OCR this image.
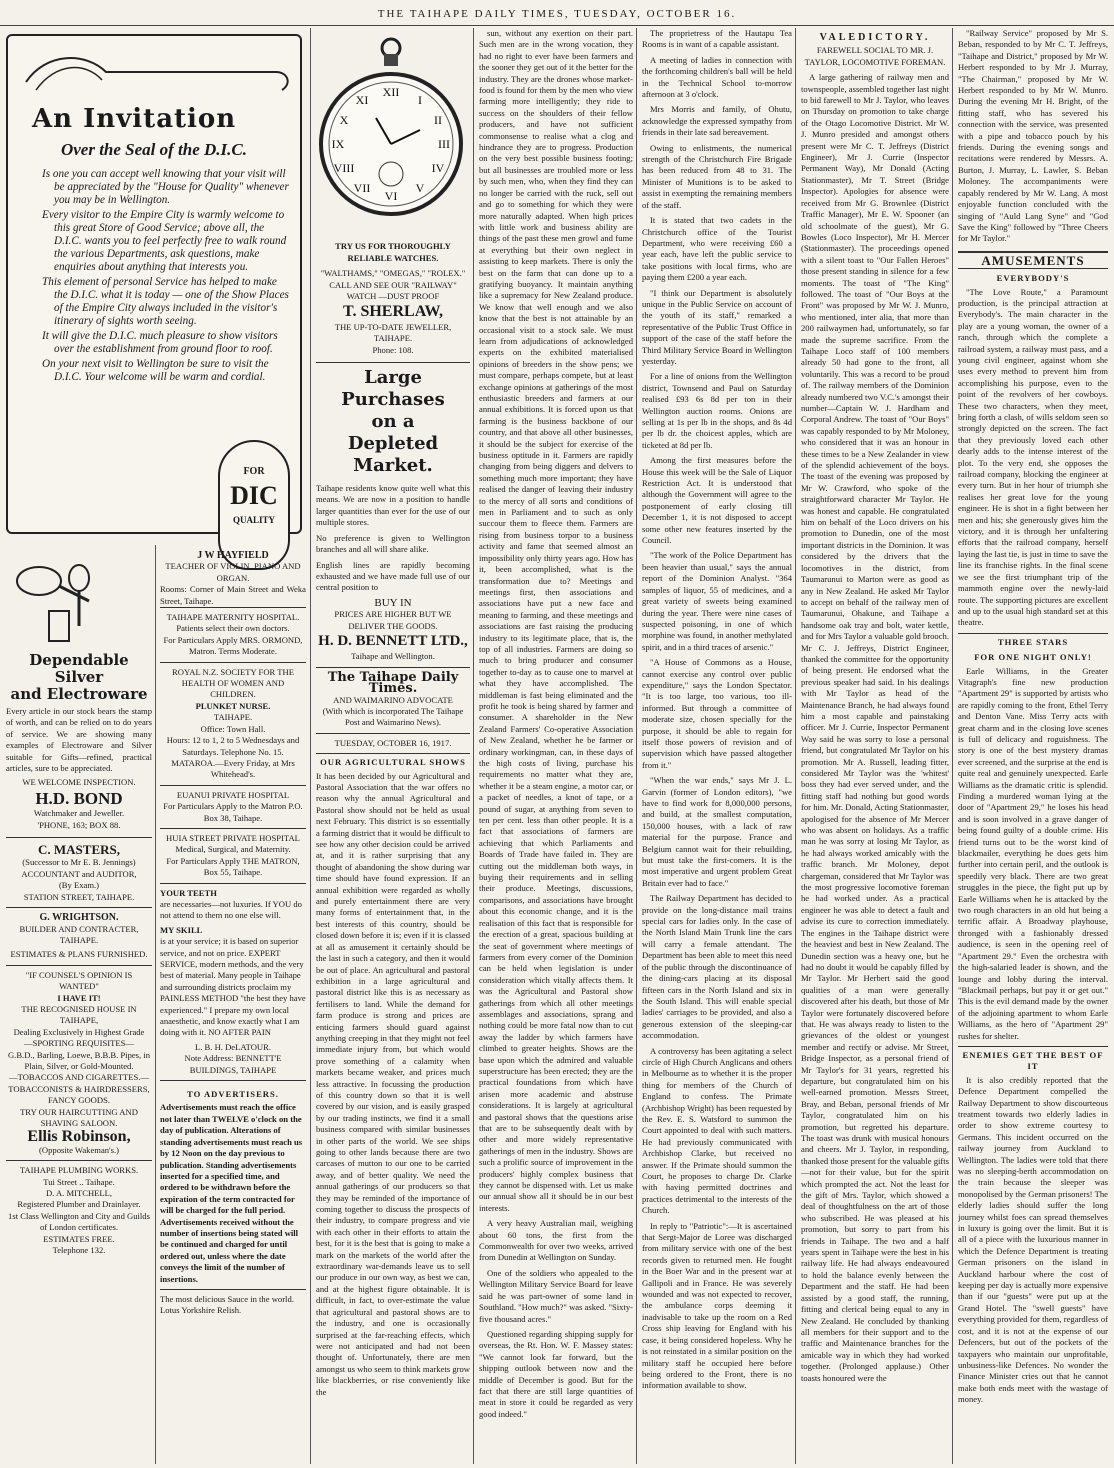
THE TAIHAPE DAILY TIMES, TUESDAY, OCTOBER 16.
An Invitation
Over the Seal of the D.I.C.

Is one you can accept well knowing that your visit will be appreciated by the "House for Quality" whenever you may be in Wellington.

Every visitor to the Empire City is warmly welcome to this great Store of Good Service; above all, the D.I.C. wants you to feel perfectly free to walk round the various Departments, ask questions, make enquiries about anything that interests you.

This element of personal Service has helped to make the D.I.C. what it is today — one of the Show Places of the Empire City always included in the visitor's itinerary of sights worth seeing.

It will give the D.I.C. much pleasure to show visitors over the establishment from ground floor to roof.

On your next visit to Wellington be sure to visit the D.I.C. Your welcome will be warm and cordial.

FOR
DIC
QUALITY
Dependable Silver
and Electroware
Every article in our stock bears the stamp of worth, and can be relied on to do years of service. We are showing many examples of Electroware and Silver suitable for Gifts—refined, practical articles, sure to be appreciated.
WE WELCOME INSPECTION.
H.D. BOND
Watchmaker and Jeweller.
'PHONE, 163; BOX 88.
C. MASTERS,
(Successor to Mr E. B. Jennings)
ACCOUNTANT and AUDITOR,
(By Exam.)
STATION STREET, TAIHAPE.
G. WRIGHTSON.
BUILDER AND CONTRACTER, TAIHAPE.
ESTIMATES & PLANS FURNISHED.
"IF COUNSEL'S OPINION IS WANTED"
I HAVE IT!
THE RECOGNISED HOUSE IN TAIHAPE,
Dealing Exclusively in Highest Grade
—SPORTING REQUISITES—
G.B.D., Barling, Loewe, B.B.B. Pipes, in Plain, Silver, or Gold-Mounted.
—TOBACCOS AND CIGARETTES.—
TOBACCONISTS & HAIRDRESSERS, FANCY GOODS.
TRY OUR HAIRCUTTING AND SHAVING SALOON.
Ellis Robinson,
(Opposite Wakeman's.)
TAIHAPE PLUMBING WORKS.
Tui Street .. Taihape.
D. A. MITCHELL,
Registered Plumber and Drainlayer.
1st Class Wellington and City and Guilds of London certificates.
ESTIMATES FREE.
Telephone 132.
J W HAYFIELD
TEACHER OF VIOLIN, PIANO AND ORGAN.
Rooms: Corner of Main Street and Weka Street, Taihape.
TAIHAPE MATERNITY HOSPITAL.
Patients select their own doctors.
For Particulars Apply MRS. ORMOND,
Matron. Terms Moderate.
ROYAL N.Z. SOCIETY FOR THE HEALTH OF WOMEN AND CHILDREN.
PLUNKET NURSE.
TAIHAPE.
Office: Town Hall.
Hours: 12 to 1, 2 to 5 Wednesdays and Saturdays. Telephone No. 15.
MATAROA.—Every Friday, at Mrs Whitehead's.
EUANUI PRIVATE HOSPITAL
For Particulars Apply to the Matron P.O. Box 38, Taihape.
HUIA STREET PRIVATE HOSPITAL
Medical, Surgical, and Maternity.
For Particulars Apply THE MATRON, Box 55, Taihape.
YOUR TEETH
are necessaries—not luxuries. If YOU do not attend to them no one else will.
MY SKILL
is at your service; it is based on superior service, and not on price. EXPERT SERVICE, modern methods, and the very best of material. Many people in Taihape and surrounding districts proclaim my PAINLESS METHOD "the best they have experienced." I prepare my own local anaesthetic, and know exactly what I am doing with it. NO AFTER PAIN
L. B. H. DeLATOUR.
Note Address: BENNETT'E BUILDINGS, TAIHAPE
TO ADVERTISERS.
Advertisements must reach the office not later than TWELVE o'clock on the day of publication. Alterations of standing advertisements must reach us by 12 Noon on the day previous to publication. Standing advertisements inserted for a specified time, and ordered to be withdrawn before the expiration of the term contracted for will be charged for the full period. Advertisements received without the number of insertions being stated will be continued and charged for until ordered out, unless where the date conveys the limit of the number of insertions.
The most delicious Sauce in the world. Lotus Yorkshire Relish.
XII
I
II
III
IV
V
VI
VII
VIII
IX
X
XI
TRY US FOR THOROUGHLY RELIABLE WATCHES.
"WALTHAMS," "OMEGAS," "ROLEX." CALL AND SEE OUR "RAILWAY" WATCH —DUST PROOF
T. SHERLAW,
THE UP-TO-DATE JEWELLER, TAIHAPE.
Phone: 108.
Large Purchases
on a
Depleted Market.
Taihape residents know quite well what this means. We are now in a position to handle larger quantities than ever for the use of our multiple stores.
No preference is given to Wellington branches and all will share alike.
English lines are rapidly becoming exhausted and we have made full use of our central position to
BUY IN
PRICES ARE HIGHER BUT WE DELIVER THE GOODS.
H. D. BENNETT LTD.,
Taihape and Wellington.
The Taihape Daily Times.
AND WAIMARINO ADVOCATE
(With which is incorporated The Taihape Post and Waimarino News).
TUESDAY, OCTOBER 16, 1917.
OUR AGRICULTURAL SHOWS
It has been decided by our Agricultural and Pastoral Association that the war offers no reason why the annual Agricultural and Pastoral show should not be held as usual next February. This district is so essentially a farming district that it would be difficult to see how any other decision could be arrived at, and it is rather surprising that any thought of abandoning the show during war time should have found expression. If an annual exhibition were regarded as wholly and purely entertainment there are very many forms of entertainment that, in the best interests of this country, should be closed down before it is; even if it is classed at all as amusement it certainly should be the last in such a category, and then it would be out of place. An agricultural and pastoral exhibition in a large agricultural and pastoral district like this is as necessary as fertilisers to land. While the demand for farm produce is strong and prices are enticing farmers should guard against anything creeping in that they might not feel immediate injury from, but which would prove something of a calamity when markets became weaker, and prices much less attractive. In focussing the production of this country down so that it is well covered by our vision, and is easily grasped by our trading instincts, we find it a small business compared with similar businesses in other parts of the world. We see ships going to other lands because there are two carcases of mutton to our one to be carried away, and of better quality. We need the annual gatherings of our producers so that they may be reminded of the importance of coming together to discuss the prospects of their industry, to compare progress and vie with each other in their efforts to attain the best, for it is the best that is going to make a mark on the markets of the world after the extraordinary war-demands leave us to sell our produce in our own way, as best we can, and at the highest figure obtainable. It is difficult, in fact, to over-estimate the value that agricultural and pastoral shows are to the industry, and one is occasionally surprised at the far-reaching effects, which were not anticipated and had not been thought of. Unfortunately, there are men amongst us who seem to think markets grow like blackberries, or rise conveniently like the

sun, without any exertion on their part. Such men are in the wrong vocation, they had no right to ever have been farmers and the sooner they get out of it the better for the industry. They are the drones whose market-food is found for them by the men who view farming more intelligently; they ride to success on the shoulders of their fellow producers, and have not sufficient commonsense to realise what a clog and hindrance they are to progress. Production on the very best possible business footing; but all businesses are troubled more or less by such men, who, when they find they can no longer be carried with the ruck, sell out and go to something for which they were more naturally adapted. When high prices with little work and business ability are things of the past these men growl and fume at everything but their own neglect in assisting to keep markets. There is only the best on the farm that can done up to a gratifying buoyancy. It maintain anything like a supremacy for New Zealand produce. We know that well enough and we also know that the best is not attainable by an occasional visit to a stock sale. We must learn from adjudications of acknowledged experts on the exhibited materialised opinions of breeders in the show pens; we must compare, perhaps compete, but at least exchange opinions at gatherings of the most enthusiastic breeders and farmers at our annual exhibitions. It is forced upon us that farming is the business backbone of our country, and that above all other businesses, it should be the subject for exercise of the business optitude in it. Farmers are rapidly changing from being diggers and delvers to something much more important; they have realised the danger of leaving their industry to the mercy of all sorts and conditions of men in Parliament and to such as only succour them to fleece them. Farmers are rising from business torpor to a business activity and fame that seemed almost an impossibility only thirty years ago. How has it, been accomplished, what is the transformation due to? Meetings and meetings first, then associations and associations have put a new face and meaning to farming, and these meetings and associations are fast raising the producing industry to its legitimate place, that is, the top of all industries. Farmers are doing so much to bring producer and consumer together to-day as to cause one to marvel at what they have accomplished. The middleman is fast being eliminated and the profit he took is being shared by farmer and consumer. A shareholder in the New Zealand Farmers' Co-operative Association of New Zealand, whether he be farmer or ordinary workingman, can, in these days of the high costs of living, purchase his requirements no matter what they are, whether it be a steam engine, a motor car, or a packet of needles, a knot of tape, or a pound of sugar, at anything from seven to ten per cent. less than other people. It is a fact that associations of farmers are achieving that which Parliaments and Boards of Trade have failed in. They are cutting out the middleman both ways, in buying their requirements and in selling their produce. Meetings, discussions, comparisons, and associations have brought about this economic change, and it is the realisation of this fact that is responsible for the erection of a great, spacious building at the seat of government where meetings of farmers from every corner of the Dominion can be held when legislation is under consideration which vitally affects them. It was the Agricultural and Pastoral show gatherings from which all other meetings assemblages and associations, sprang and nothing could be more fatal now than to cut away the ladder by which farmers have climbed to greater heights. Shows are the base upon which the admired and valuable superstructure has been erected; they are the practical foundations from which have arisen more academic and abstruse considerations. It is largely at agricultural and pastoral shows that the questions arise that are to be subsequently dealt with by other and more widely representative gatherings of men in the industry. Shows are such a prolific source of improvement in the producers' highly complex business that they cannot be dispensed with. Let us make our annual show all it should be in our best interests.

A very heavy Australian mail, weighing about 60 tons, the first from the Commonwealth for over two weeks, arrived from Dunedin at Wellington on Sunday.

One of the soldiers who appealed to the Wellington Military Service Board for leave said he was part-owner of some land in Southland. "How much?" was asked. "Sixty-five thousand acres."

Questioned regarding shipping supply for overseas, the Rt. Hon. W. F. Massey states: "We cannot look far forward, but the shipping outlook between now and the middle of December is good. But for the fact that there are still large quantities of meat in store it could be regarded as very good indeed."

The proprietress of the Hautapu Tea Rooms is in want of a capable assistant.

A meeting of ladies in connection with the forthcoming children's ball will be held in the Technical School to-morrow afternoon at 3 o'clock.

Mrs Morris and family, of Ohutu, acknowledge the expressed sympathy from friends in their late sad bereavement.

Owing to enlistments, the numerical strength of the Christchurch Fire Brigade has been reduced from 48 to 31. The Minister of Munitions is to be asked to assist in exempting the remaining members of the staff.

It is stated that two cadets in the Christchurch office of the Tourist Department, who were receiving £60 a year each, have left the public service to take positions with local firms, who are paying them £200 a year each.

"I think our Department is absolutely unique in the Public Service on account of the youth of its staff," remarked a representative of the Public Trust Office in support of the case of the staff before the Third Military Service Board in Wellington yesterday.

For a line of onions from the Wellington district, Townsend and Paul on Saturday realised £93 6s 8d per ton in their Wellington auction rooms. Onions are selling at 1s per lb in the shops, and 8s 4d per lb dr. the choicest apples, which are ticketed at 8d per lb.

Among the first measures before the House this week will be the Sale of Liquor Restriction Act. It is understood that although the Government will agree to the postponement of early closing till December 1, it is not disposed to accept some other new features inserted by the Council.

"The work of the Police Department has been heavier than usual," says the annual report of the Dominion Analyst. "364 samples of liquor, 55 of medicines, and a great variety of sweets being examined during the year. There were nine cases of suspected poisoning, in one of which morphine was found, in another methylated spirit, and in a third traces of arsenic."

"A House of Commons as a House, cannot exercise any control over public expenditure," says the London Spectator. "It is too large, too various, too ill-informed. But through a committee of moderate size, chosen specially for the purpose, it should be able to regain for itself those powers of revision and of supervision which have passed altogether from it."

"When the war ends," says Mr J. L. Garvin (former of London editors), "we have to find work for 8,000,000 persons, and build, at the smallest computation, 150,000 houses, with a lack of raw material for the purpose. France and Belgium cannot wait for their rebuilding, but must take the first-comers. It is the most imperative and urgent problem Great Britain ever had to face."

The Railway Department has decided to provide on the long-distance mail trains special cars for ladies only. In the case of the North Island Main Trunk line the cars will carry a female attendant. The Department has been able to meet this need of the public through the discontinuance of the dining-cars placing at its disposal fifteen cars in the North Island and six in the South Island. This will enable special ladies' carriages to be provided, and also a generous extension of the sleeping-car accommodation.

A controversy has been agitating a select circle of High Church Anglicans and others in Melbourne as to whether it is the proper thing for members of the Church of England to confess. The Primate (Archbishop Wright) has been requested by the Rev. E. S. Watsford to summon the Court appointed to deal with such matters. He had previously communicated with Archbishop Clarke, but received no answer. If the Primate should summon the Court, he proposes to charge Dr. Clarke with having permitted doctrines and practices detrimental to the interests of the Church.

In reply to "Patriotic":—It is ascertained that Sergt-Major de Loree was discharged from military service with one of the best records given to returned men. He fought in the Boer War and in the present war at Gallipoli and in France. He was severely wounded and was not expected to recover, the ambulance corps deeming it inadvisable to take up the room on a Red Cross ship leaving for England with his case, it being considered hopeless. Why he is not reinstated in a similar position on the military staff he occupied here before being ordered to the Front, there is no information available to show.

VALEDICTORY.
FAREWELL SOCIAL TO MR. J. TAYLOR, LOCOMOTIVE FOREMAN.

A large gathering of railway men and townspeople, assembled together last night to bid farewell to Mr J. Taylor, who leaves on Thursday on promotion to take charge of the Otago Locomotive District. Mr W. J. Munro presided and amongst others present were Mr C. T. Jeffreys (District Engineer), Mr J. Currie (Inspector Permanent Way), Mr Donald (Acting Stationmaster), Mr T. Street (Bridge Inspector). Apologies for absence were received from Mr G. Brownlee (District Traffic Manager), Mr E. W. Spooner (an old schoolmate of the guest), Mr G. Bowles (Loco Inspector), Mr H. Mercer (Stationmaster). The proceedings opened with a silent toast to "Our Fallen Heroes" those present standing in silence for a few moments. The toast of "The King" followed. The toast of "Our Boys at the Front" was proposed by Mr W. J. Munro, who mentioned, inter alia, that more than 200 railwaymen had, unfortunately, so far made the supreme sacrifice. From the Taihape Loco staff of 100 members already 50 had gone to the front, all voluntarily. This was a record to be proud of. The railway members of the Dominion already numbered two V.C.'s amongst their number—Captain W. J. Hardham and Corporal Andrew. The toast of "Our Boys" was capably responded to by Mr Moloney, who considered that it was an honour in these times to be a New Zealander in view of the splendid achievement of the boys. The toast of the evening was proposed by Mr W. Crawford, who spoke of the straightforward character Mr Taylor. He was honest and capable. He congratulated him on behalf of the Loco drivers on his promotion to Dunedin, one of the most important districts in the Dominion. It was considered by the drivers that the locomotives in the district, from Taumarunui to Marton were as good as any in New Zealand. He asked Mr Taylor to accept on behalf of the railway men of Taumarunui, Ohakune, and Taihape a handsome oak tray and bolt, water kettle, and for Mrs Taylor a valuable gold brooch. Mr C. J. Jeffreys, District Engineer, thanked the committee for the opportunity of being present. He endorsed what the previous speaker had said. In his dealings with Mr Taylor as head of the Maintenance Branch, he had always found him a most capable and painstaking officer. Mr J. Currie, Inspector Permanent Way said he was sorry to lose a personal friend, but congratulated Mr Taylor on his promotion. Mr A. Russell, leading fitter, considered Mr Taylor was the 'whitest' boss they had ever served under, and the fitting staff had nothing but good words for him. Mr. Donald, Acting Stationmaster, apologised for the absence of Mr Mercer who was absent on holidays. As a traffic man he was sorry at losing Mr Taylor, as he had always worked amicably with the traffic branch. Mr Moloney, depot chargeman, considered that Mr Taylor was the most progressive locomotive foreman he had worked under. As a practical engineer he was able to detect a fault and advise its cure to correction immediately. The engines in the Taihape district were the heaviest and best in New Zealand. The Dunedin section was a heavy one, but he had no doubt it would be capably filled by Mr Taylor. Mr Herbert said the good qualities of a man were generally discovered after his death, but those of Mr Taylor were fortunately discovered before that. He was always ready to listen to the grievances of the oldest or youngest member and rectify or advise. Mr Street, Bridge Inspector, as a personal friend of Mr Taylor's for 31 years, regretted his departure, but congratulated him on his well-earned promotion. Messrs Street, Bray, and Beban, personal friends of Mr Taylor, congratulated him on his promotion, but regretted his departure. The toast was drunk with musical honours and cheers. Mr J. Taylor, in responding, thanked those present for the valuable gifts —not for their value, but for the spirit which prompted the act. Not the least for the gift of Mrs. Taylor, which showed a deal of thoughtfulness on the art of those who subscribed. He was pleased at his promotion, but sorry to part from his friends in Taihape. The two and a half years spent in Taihape were the best in his railway life. He had always endeavoured to hold the balance evenly between the Department and the staff. He had been assisted by a good staff, the running, fitting and clerical being equal to any in New Zealand. He concluded by thanking all members for their support and to the traffic and Maintenance branches for the amicable way in which they had worked together. (Prolonged applause.) Other toasts honoured were the

"Railway Service" proposed by Mr S. Beban, responded to by Mr C. T. Jeffreys, "Taihape and District," proposed by Mr W. Herbert responded to by Mr J. Murray, "The Chairman," proposed by Mr W. Herbert responded to by Mr W. Munro. During the evening Mr H. Bright, of the fitting staff, who has severed his connection with the service, was presented with a pipe and tobacco pouch by his friends. During the evening songs and recitations were rendered by Messrs. A. Burton, J. Murray, L. Lawler, S. Beban Moloney. The accompaniments were capably rendered by Mr W. Lang. A most enjoyable function concluded with the singing of "Auld Lang Syne" and "God Save the King" followed by "Three Cheers for Mr Taylor."

AMUSEMENTS
EVERYBODY'S

"The Love Route," a Paramount production, is the principal attraction at Everybody's. The main character in the play are a young woman, the owner of a ranch, through which the complete a railroad system, a railway must pass, and a young civil engineer, against whom she uses every method to prevent him from accomplishing his purpose, even to the point of the revolvers of her cowboys. These two characters, when they meet, bring forth a clash, of wills seldom seen so strongly depicted on the screen. The fact that they previously loved each other dearly adds to the intense interest of the plot. To the very end, she opposes the railroad company, blocking the engineer at every turn. But in her hour of triumph she realises her great love for the young engineer. He is shot in a fight between her men and his; she generously gives him the victory, and it is through her unfaltering efforts that the railroad company, herself laying the last tie, is just in time to save the line its franchise rights. In the final scene we see the first triumphant trip of the mammoth engine over the newly-laid route. The supporting pictures are excellent and up to the usual high standard set at this theatre.

THREE STARS
FOR ONE NIGHT ONLY!

Earle Williams, in the Greater Vitagraph's fine new production "Apartment 29" is supported by artists who are rapidly coming to the front, Ethel Terry and Denton Vane. Miss Terry acts with great charm and in the closing love scenes is full of delicacy and roguishness. The story is one of the best mystery dramas ever screened, and the surprise at the end is quite real and genuinely unexpected. Earle Williams as the dramatic critic is splendid. Finding a murdered woman lying at the door of "Apartment 29," he loses his head and is soon involved in a grave danger of being found guilty of a double crime. His friend turns out to be the worst kind of blackmailer, everything he does gets him further into certain peril, and the outlook is speedily very black. There are two great struggles in the piece, the fight put up by Earle Williams when he is attacked by the two rough characters in an old hut being a terrific affair. A Broadway playhouse, thronged with a fashionably dressed audience, is seen in the opening reel of "Apartment 29." Even the orchestra with the high-salaried leader is shown, and the lounge and lobby during the interval. "Blackmail perhaps, but pay it or get out." This is the evil demand made by the owner of the adjoining apartment to whom Earle Williams, as the hero of "Apartment 29" rushes for shelter.

ENEMIES GET THE BEST OF IT

It is also credibly reported that the Defence Department compelled the Railway Department to show discourteous treatment towards two elderly ladies in order to show extreme courtesy to Germans. This incident occurred on the railway journey from Auckland to Wellington. The ladies were told that there was no sleeping-berth accommodation on the train because the sleeper was monopolised by the German prisoners! The elderly ladies should suffer the long journey whilst foes can spread themselves in luxury is going over the limit. But it is all of a piece with the luxurious manner in which the Defence Department is treating German prisoners on the island in Auckland harbour where the cost of keeping per day is actually more expensive than if our "guests" were put up at the Grand Hotel. The "swell guests" have everything provided for them, regardless of cost, and it is not at the expense of our Defencers, but out of the pockets of the taxpayers who maintain our unprofitable, unbusiness-like Defences. No wonder the Finance Minister cries out that he cannot make both ends meet with the wastage of money.
